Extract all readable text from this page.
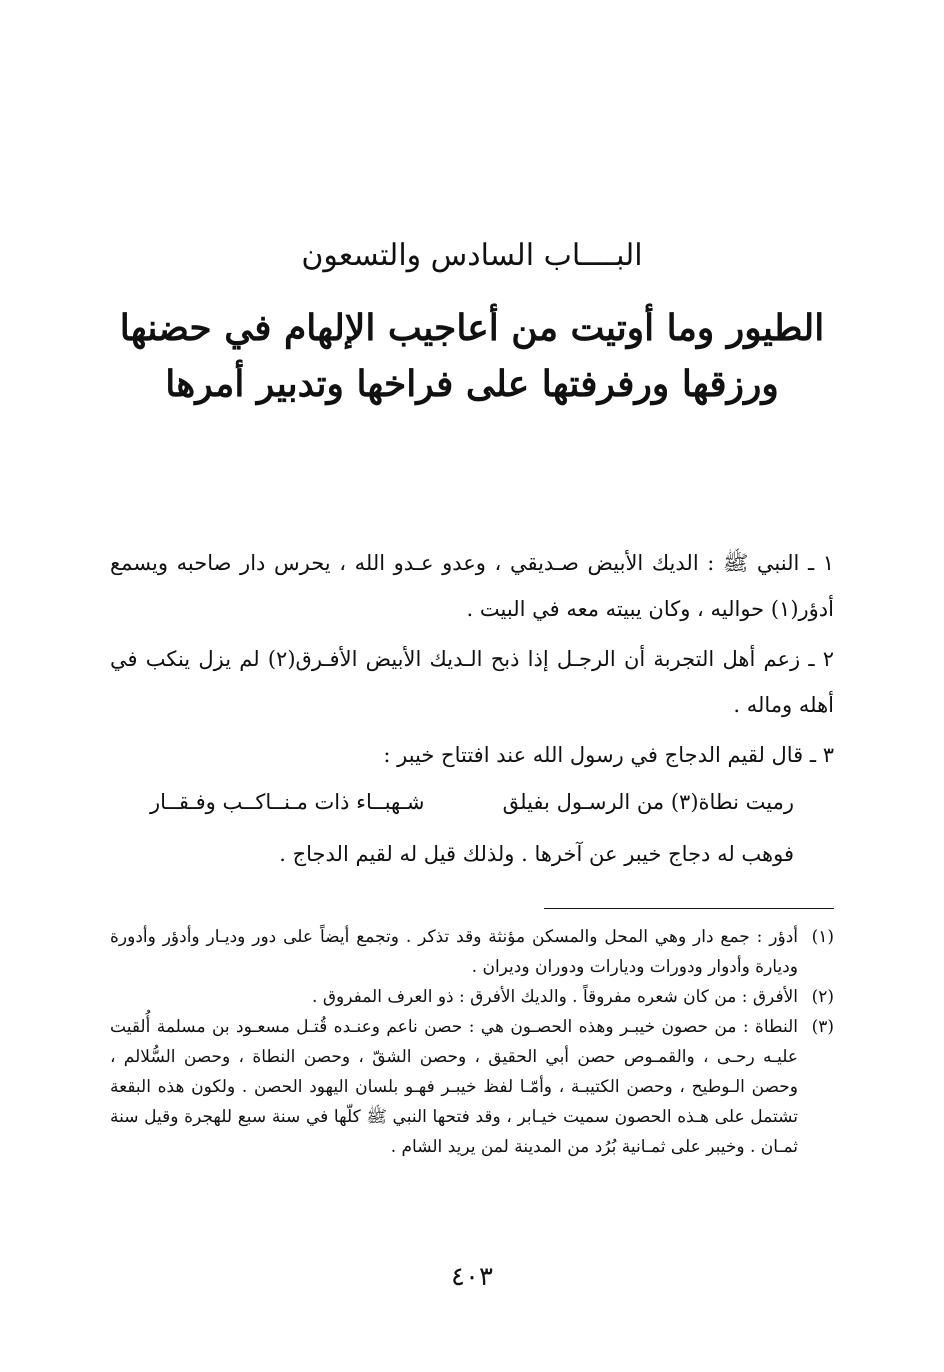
البــــاب السادس والتسعون
الطيور وما أوتيت من أعاجيب الإلهام في حضنها
ورزقها ورفرفتها على فراخها وتدبير أمرها
١ ـ النبي ﷺ : الديك الأبيض صـديقي ، وعدو عـدو الله ، يحرس دار صاحبه ويسمع أدؤر(١) حواليه ، وكان يبيته معه في البيت .
٢ ـ زعم أهل التجربة أن الرجـل إذا ذبح الـديك الأبيض الأفـرق(٢) لم يزل ينكب في أهله وماله .
٣ ـ قال لقيم الدجاج في رسول الله عند افتتاح خيبر :
رميت نطاة(٣) من الرسـول بفيلق
شـهبــاء ذات مـنــاكــب وفـقــار
فوهب له دجاج خيبر عن آخرها . ولذلك قيل له لقيم الدجاج .

(١)
أدؤر : جمع دار وهي المحل والمسكن مؤنثة وقد تذكر . وتجمع أيضاً على دور وديـار وأدؤر وأدورة وديارة وأدوار ودورات وديارات ودوران وديران .

(٢)
الأفرق : من كان شعره مفروقاً . والديك الأفرق : ذو العرف المفروق .

(٣)
النطاة : من حصون خيبـر وهذه الحصـون هي : حصن ناعم وعنـده قُتـل مسعـود بن مسلمة أُلقيت عليـه رحـى ، والقمـوص حصن أبي الحقيق ، وحصن الشقّ ، وحصن النطاة ، وحصن السُّلالم ، وحصن الـوطيح ، وحصن الكتيبـة ، وأمّـا لفظ خيبـر فهـو بلسان اليهود الحصن . ولكون هذه البقعة تشتمل على هـذه الحصون سميت خيـابر ، وقد فتحها النبي ﷺ كلّها في سنة سبع للهجرة وقيل سنة ثمـان . وخيبر على ثمـانية بُرُد من المدينة لمن يريد الشام .

٤٠٣
